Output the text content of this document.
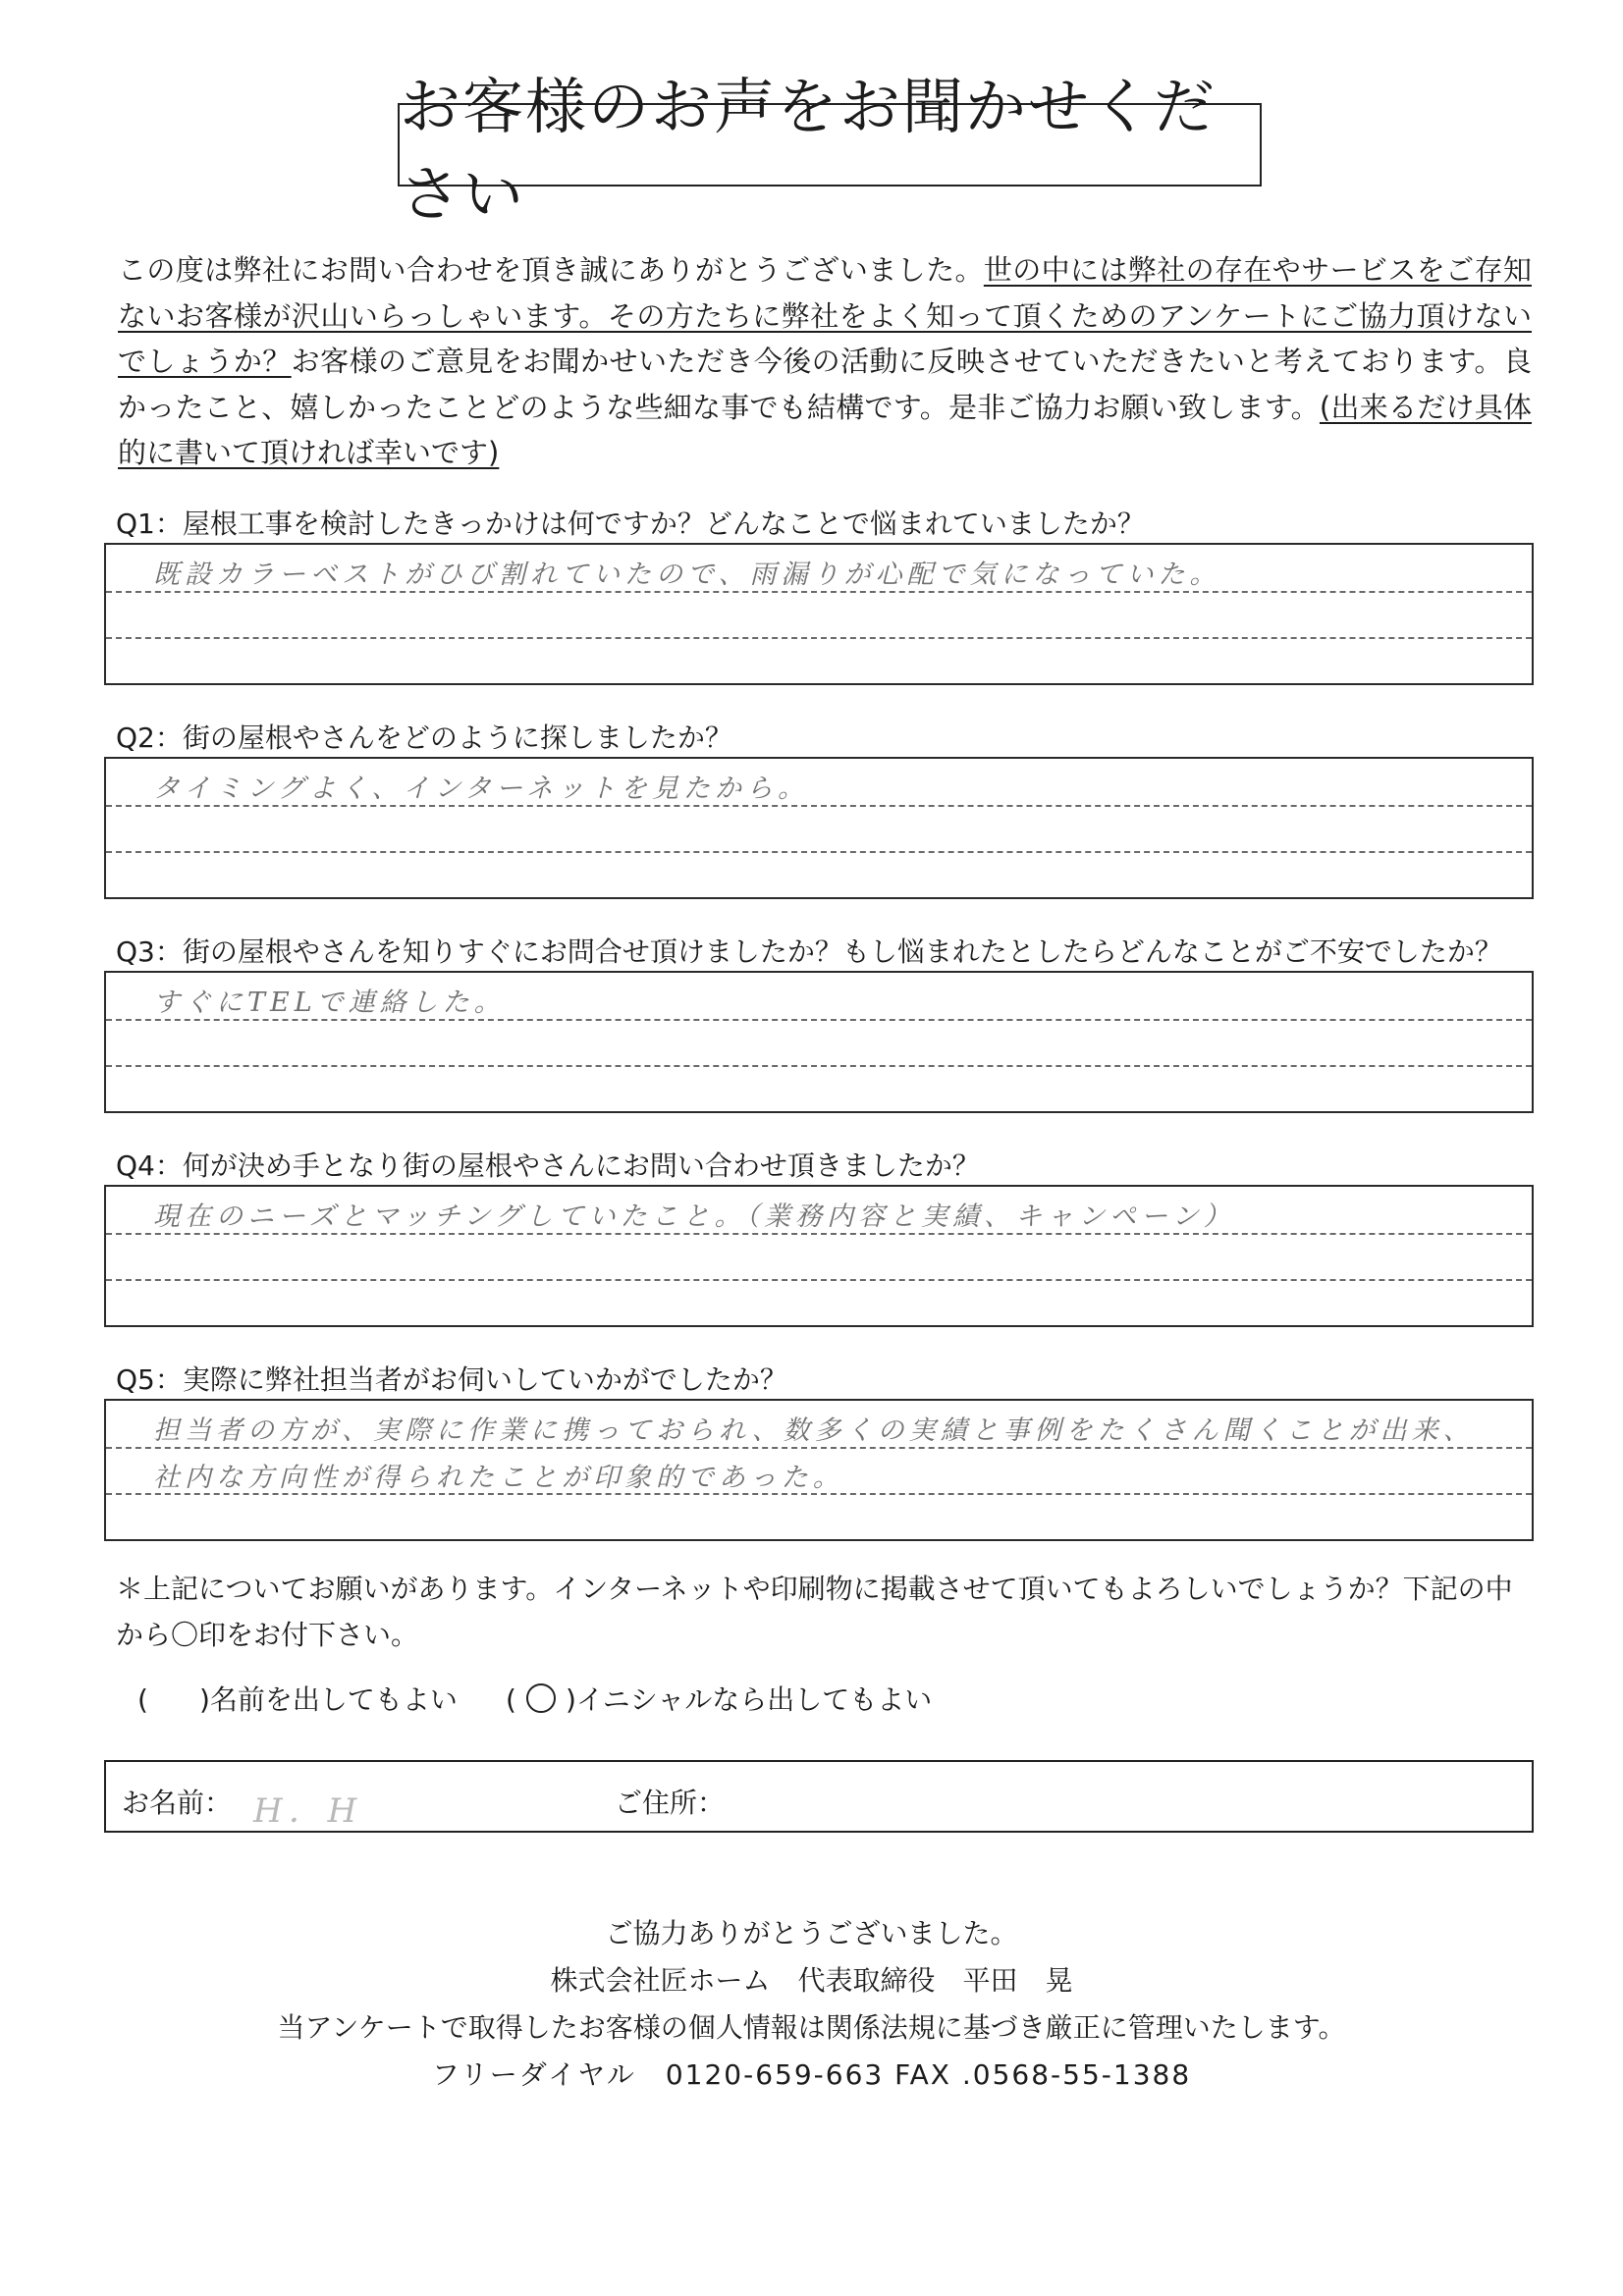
お客様のお声をお聞かせください
この度は弊社にお問い合わせを頂き誠にありがとうございました。世の中には弊社の存在やサービスをご存知ないお客様が沢山いらっしゃいます。その方たちに弊社をよく知って頂くためのアンケートにご協力頂けないでしょうか？お客様のご意見をお聞かせいただき今後の活動に反映させていただきたいと考えております。良かったこと、嬉しかったことどのような些細な事でも結構です。是非ご協力お願い致します。(出来るだけ具体的に書いて頂ければ幸いです)
Q1：屋根工事を検討したきっかけは何ですか？どんなことで悩まれていましたか？
既設カラーベストがひび割れていたので、雨漏りが心配で気になっていた。
Q2：街の屋根やさんをどのように探しましたか？
タイミングよく、インターネットを見たから。
Q3：街の屋根やさんを知りすぐにお問合せ頂けましたか？もし悩まれたとしたらどんなことがご不安でしたか？
すぐにTELで連絡した。
Q4：何が決め手となり街の屋根やさんにお問い合わせ頂きましたか？
現在のニーズとマッチングしていたこと。（業務内容と実績、キャンペーン）
Q5：実際に弊社担当者がお伺いしていかがでしたか？
担当者の方が、実際に作業に携っておられ、数多くの実績と事例をたくさん聞くことが出来、
社内な方向性が得られたことが印象的であった。
＊上記についてお願いがあります。インターネットや印刷物に掲載させて頂いてもよろしいでしょうか？下記の中から〇印をお付下さい。
( )名前を出してもよい ( )イニシャルなら出してもよい
お名前： H．H	ご住所：
ご協力ありがとうございました。
株式会社匠ホーム　代表取締役　平田　晃
当アンケートで取得したお客様の個人情報は関係法規に基づき厳正に管理いたします。
フリーダイヤル　0120-659-663 FAX .0568-55-1388
